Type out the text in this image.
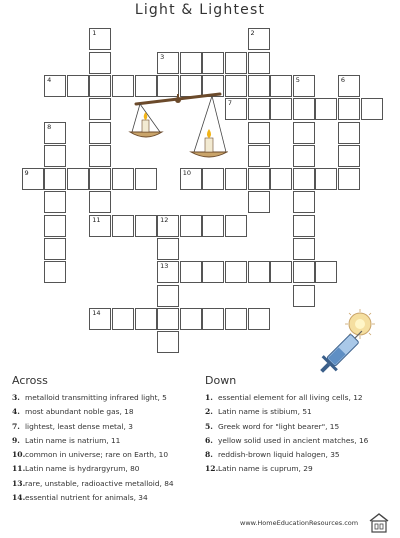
Light & Lightest
3
4	5
7
9	10
11	12
13
14
1	2
6
8
Across
3. metalloid transmitting infrared light, 5
4. most abundant noble gas, 18
7. lightest, least dense metal, 3
9. Latin name is natrium, 11
10.common in universe; rare on Earth, 10
11.Latin name is hydrargyrum, 80
13.rare, unstable, radioactive metalloid, 84
14.essential nutrient for animals, 34
Down
1. essential element for all living cells, 12
2. Latin name is stibium, 51
5. Greek word for "light bearer", 15
6. yellow solid used in ancient matches, 16
8. reddish-brown liquid halogen, 35
12.Latin name is cuprum, 29
www.HomeEducationResources.com
